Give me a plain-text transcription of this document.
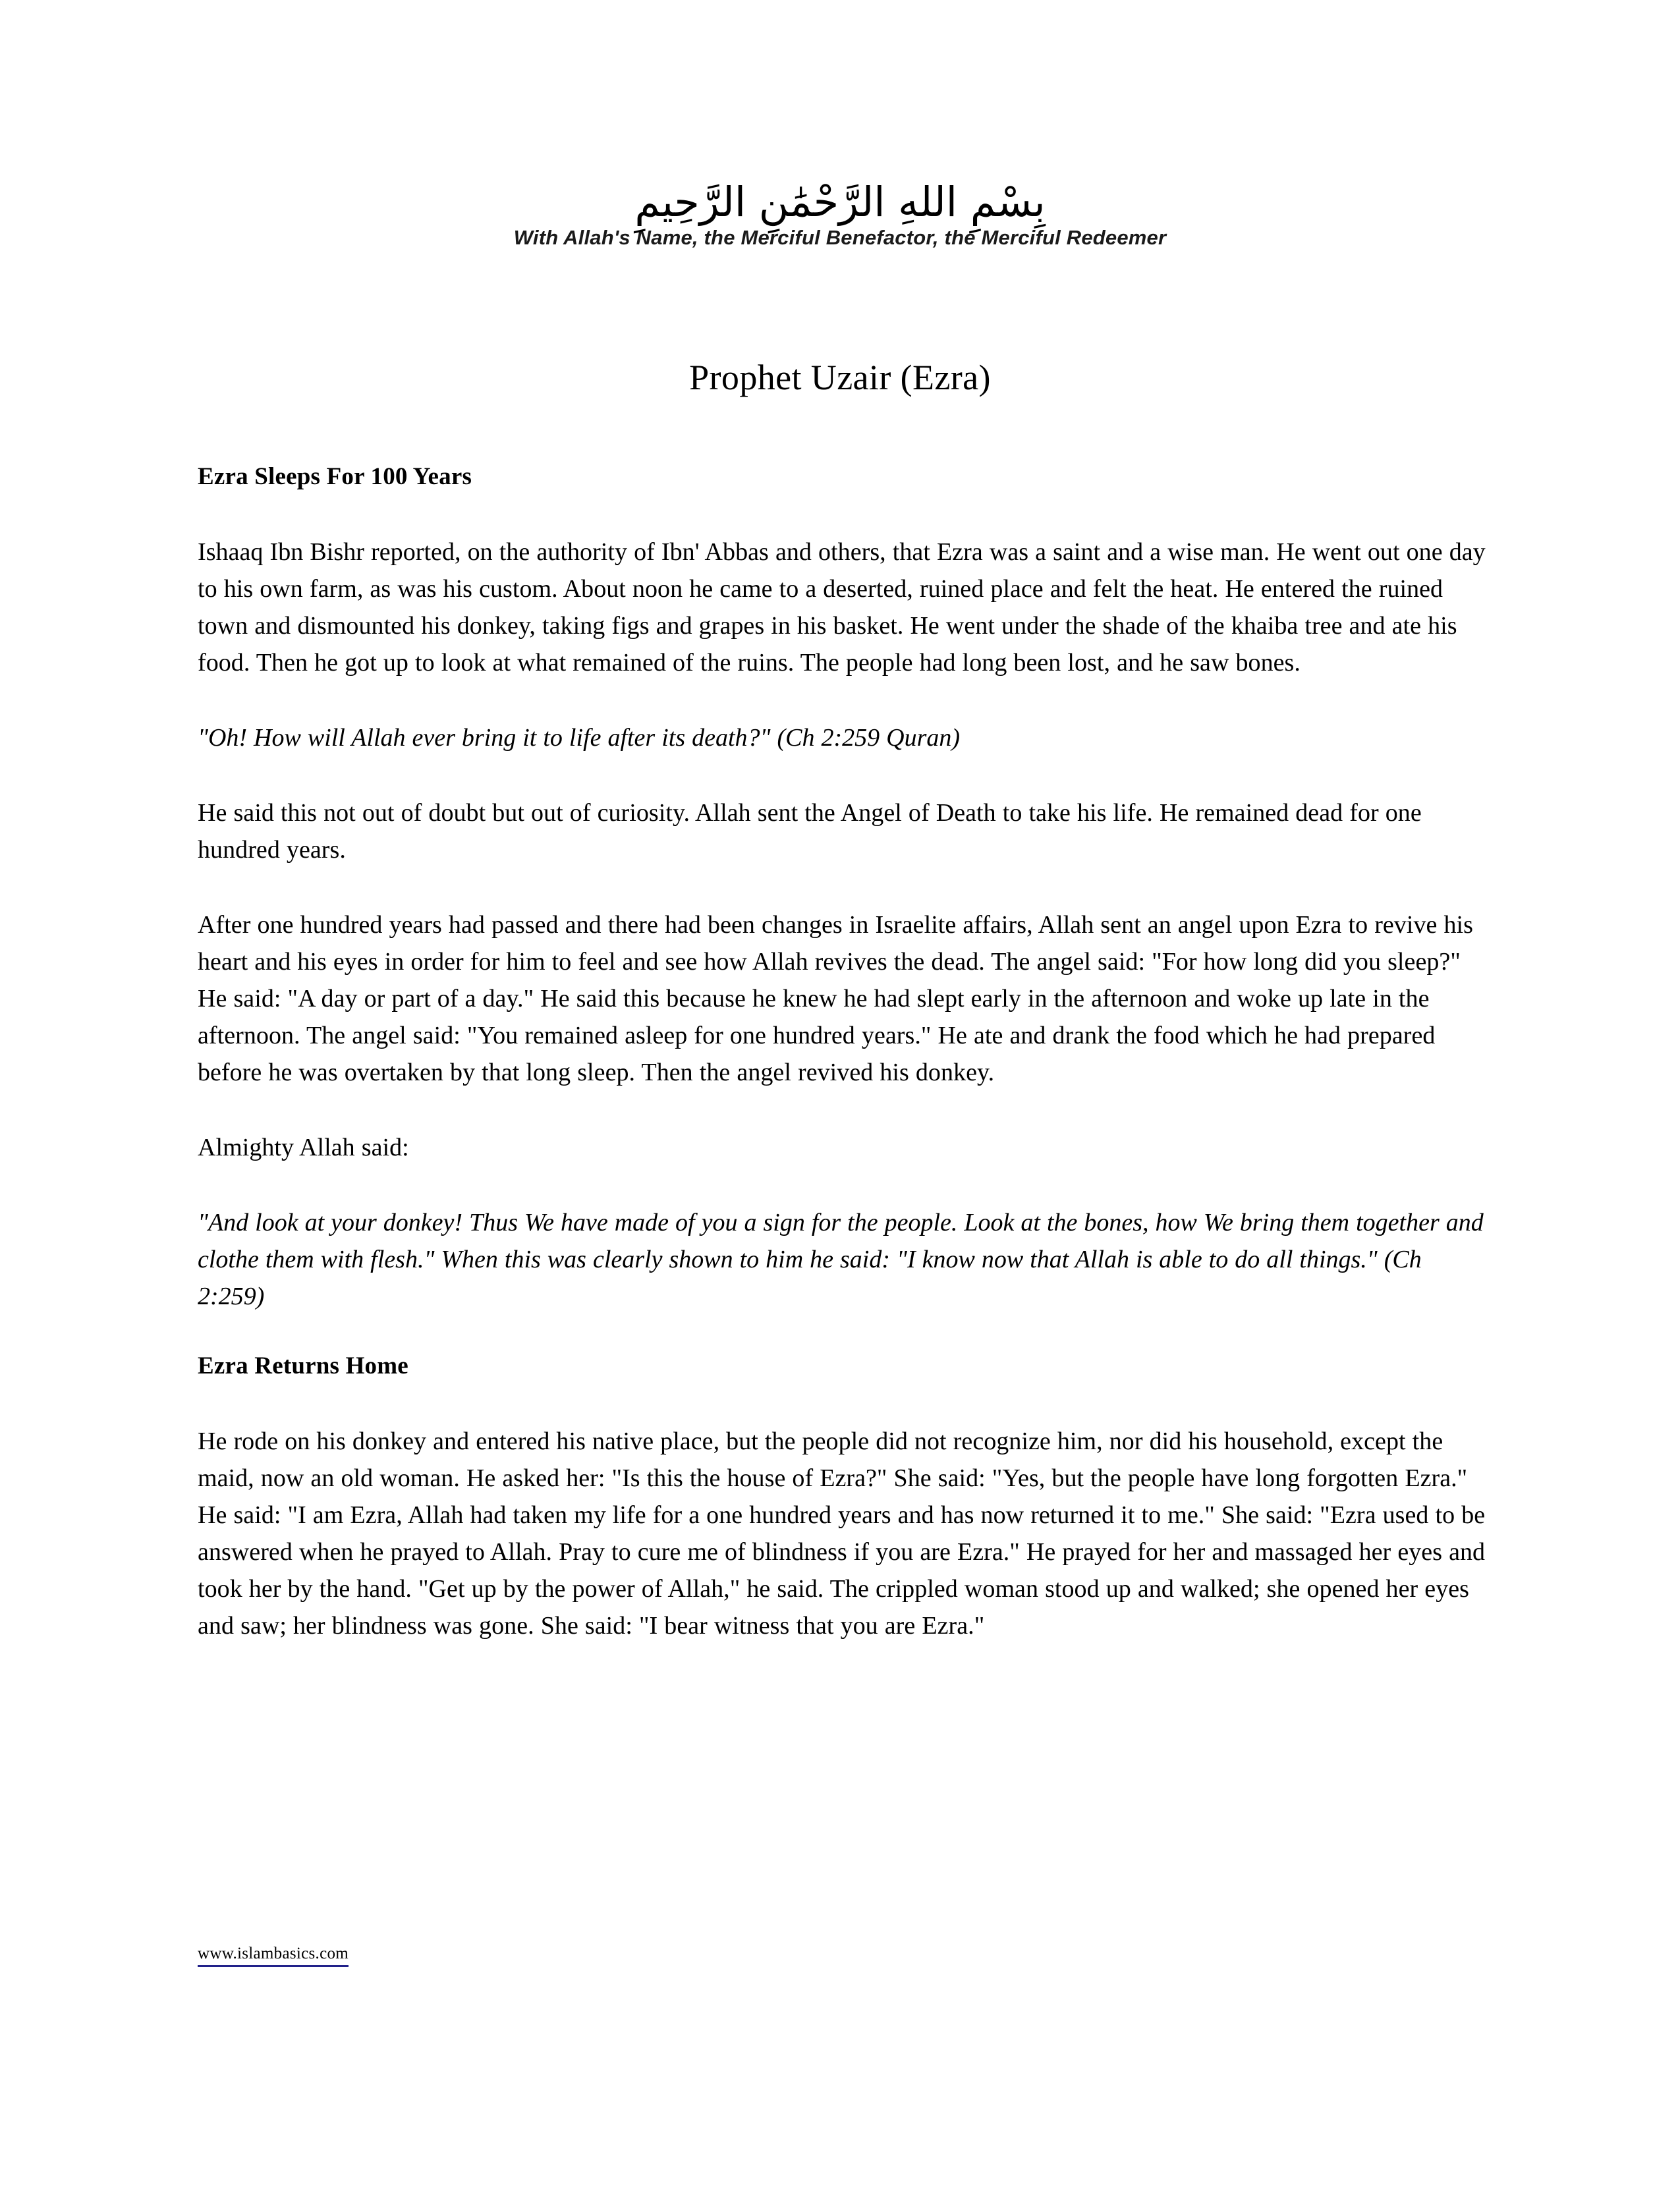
بِسْمِ اللهِ الرَّحْمَٰنِ الرَّحِيمِ
With Allah's Name, the Merciful Benefactor, the Merciful Redeemer
Prophet Uzair (Ezra)
Ezra Sleeps For 100 Years

Ishaaq Ibn Bishr reported, on the authority of Ibn' Abbas and others, that Ezra was a saint and a wise man. He went out one day to his own farm, as was his custom. About noon he came to a deserted, ruined place and felt the heat. He entered the ruined town and dismounted his donkey, taking figs and grapes in his basket. He went under the shade of the khaiba tree and ate his food. Then he got up to look at what remained of the ruins. The people had long been lost, and he saw bones.

"Oh! How will Allah ever bring it to life after its death?" (Ch 2:259 Quran)

He said this not out of doubt but out of curiosity. Allah sent the Angel of Death to take his life. He remained dead for one hundred years.

After one hundred years had passed and there had been changes in Israelite affairs, Allah sent an angel upon Ezra to revive his heart and his eyes in order for him to feel and see how Allah revives the dead. The angel said: "For how long did you sleep?" He said: "A day or part of a day." He said this because he knew he had slept early in the afternoon and woke up late in the afternoon. The angel said: "You remained asleep for one hundred years." He ate and drank the food which he had prepared before he was overtaken by that long sleep. Then the angel revived his donkey.

Almighty Allah said:

"And look at your donkey! Thus We have made of you a sign for the people. Look at the bones, how We bring them together and clothe them with flesh." When this was clearly shown to him he said: "I know now that Allah is able to do all things." (Ch 2:259)

Ezra Returns Home

He rode on his donkey and entered his native place, but the people did not recognize him, nor did his household, except the maid, now an old woman. He asked her: "Is this the house of Ezra?" She said: "Yes, but the people have long forgotten Ezra." He said: "I am Ezra, Allah had taken my life for a one hundred years and has now returned it to me." She said: "Ezra used to be answered when he prayed to Allah. Pray to cure me of blindness if you are Ezra." He prayed for her and massaged her eyes and took her by the hand. "Get up by the power of Allah," he said. The crippled woman stood up and walked; she opened her eyes and saw; her blindness was gone. She said: "I bear witness that you are Ezra."

www.islambasics.com
